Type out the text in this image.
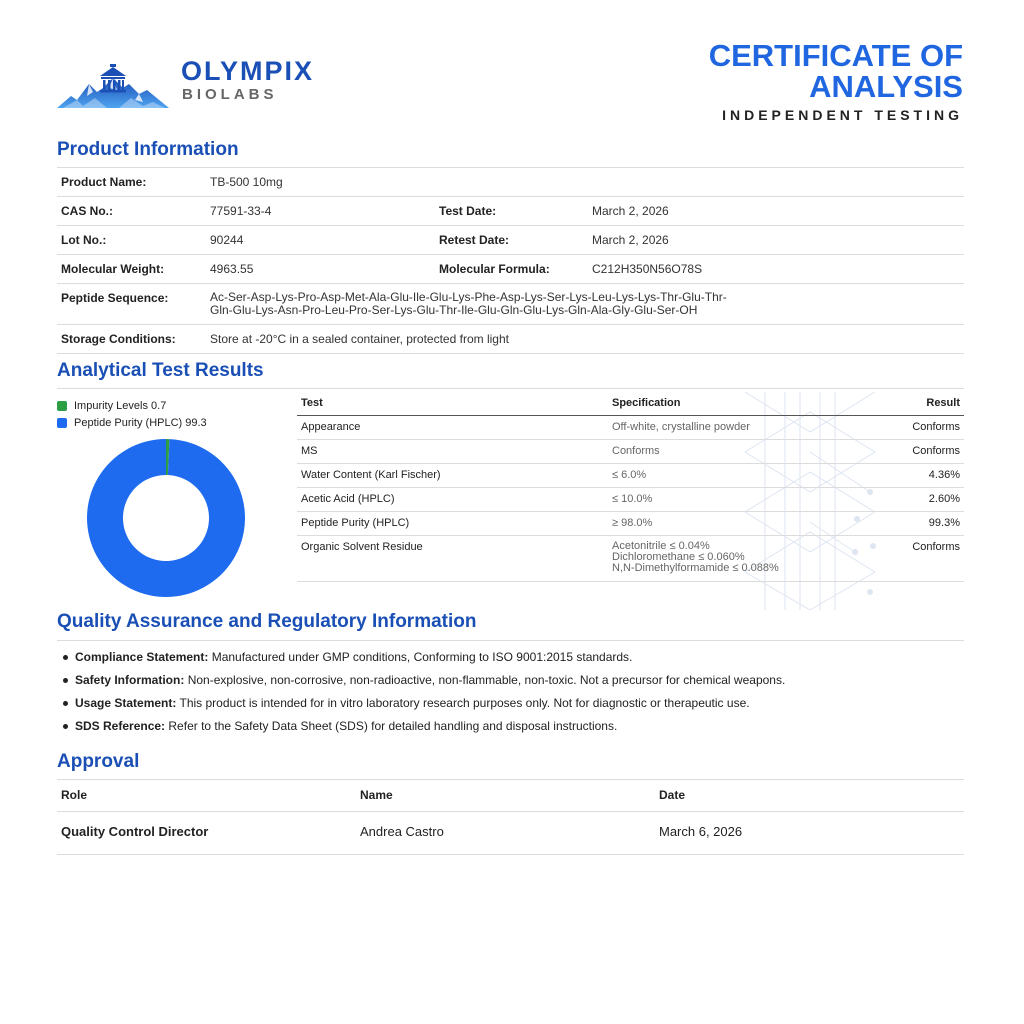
OLYMPIX
BIOLABS
CERTIFICATE OF
ANALYSIS
INDEPENDENT TESTING
Product Information
Product Name:	TB-500 10mg		
CAS No.:	77591-33-4	Test Date:	March 2, 2026
Lot No.:	90244	Retest Date:	March 2, 2026
Molecular Weight:	4963.55	Molecular Formula:	C212H350N56O78S
Peptide Sequence:	Ac-Ser-Asp-Lys-Pro-Asp-Met-Ala-Glu-Ile-Glu-Lys-Phe-Asp-Lys-Ser-Lys-Leu-Lys-Lys-Thr-Glu-Thr-
Gln-Glu-Lys-Asn-Pro-Leu-Pro-Ser-Lys-Glu-Thr-Ile-Glu-Gln-Glu-Lys-Gln-Ala-Gly-Glu-Ser-OH		

Storage Conditions:	Store at -20°C in a sealed container, protected from light		
Analytical Test Results
Impurity Levels 0.7
Peptide Purity (HPLC) 99.3
Test	Specification	Result
Appearance	Off-white, crystalline powder	Conforms
MS	Conforms	Conforms
Water Content (Karl Fischer)	≤ 6.0%	4.36%
Acetic Acid (HPLC)	≤ 10.0%	2.60%
Peptide Purity (HPLC)	≥ 98.0%	99.3%
Organic Solvent Residue	Acetonitrile ≤ 0.04%
Dichloromethane ≤ 0.060%
N,N-Dimethylformamide ≤ 0.088%	Conforms
Quality Assurance and Regulatory Information
Compliance Statement: Manufactured under GMP conditions, Conforming to ISO 9001:2015 standards.
Safety Information: Non-explosive, non-corrosive, non-radioactive, non-flammable, non-toxic. Not a precursor for chemical weapons.
Usage Statement: This product is intended for in vitro laboratory research purposes only. Not for diagnostic or therapeutic use.
SDS Reference: Refer to the Safety Data Sheet (SDS) for detailed handling and disposal instructions.
Approval
Role	Name	Date
Quality Control Director	Andrea Castro	March 6, 2026
